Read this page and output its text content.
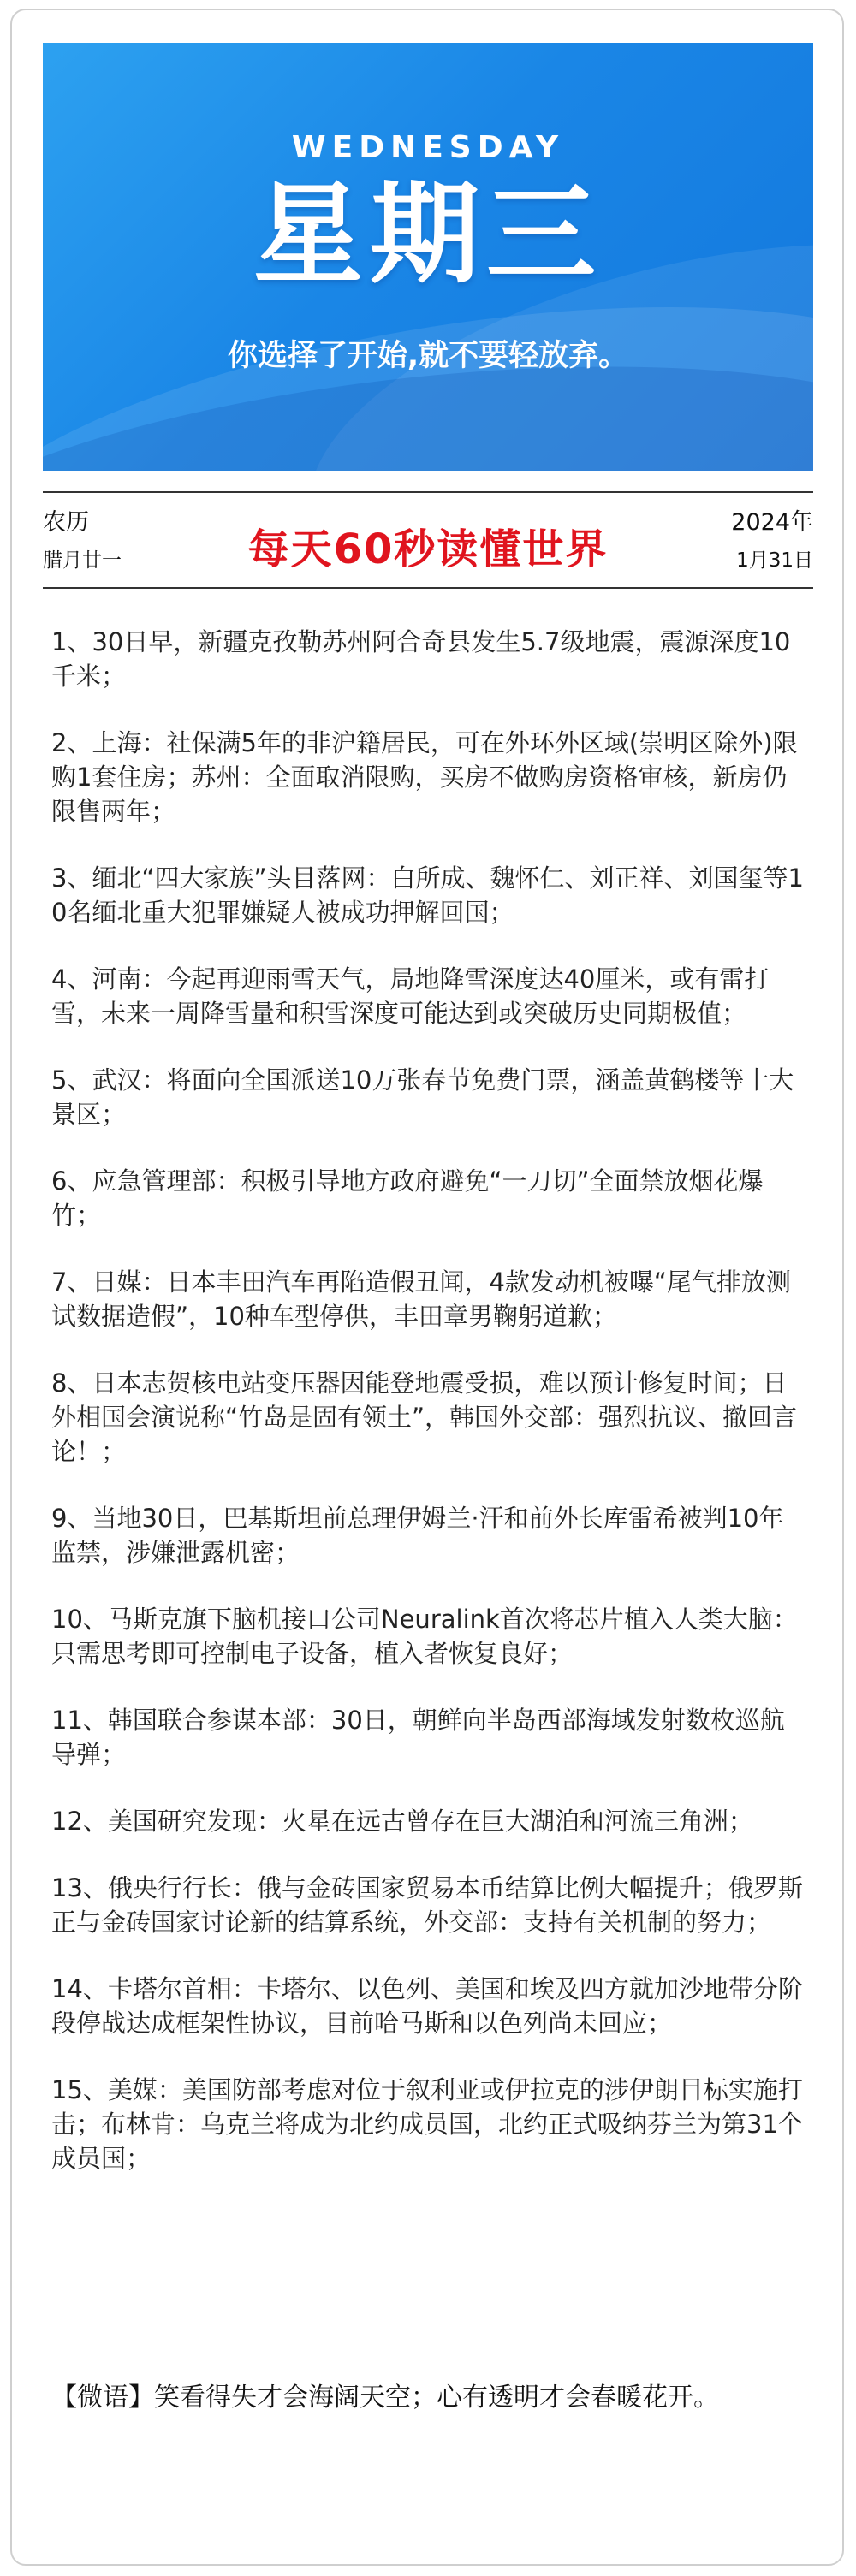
WEDNESDAY
星期三
你选择了开始,就不要轻放弃。
农历
腊月廿一	每天60秒读懂世界
2024年
1月31日
1、30日早，新疆克孜勒苏州阿合奇县发生5.7级地震，震源深度10千米；
2、上海：社保满5年的非沪籍居民，可在外环外区域(崇明区除外)限购1套住房；苏州：全面取消限购，买房不做购房资格审核，新房仍限售两年；
3、缅北“四大家族”头目落网：白所成、魏怀仁、刘正祥、刘国玺等10名缅北重大犯罪嫌疑人被成功押解回国；
4、河南：今起再迎雨雪天气，局地降雪深度达40厘米，或有雷打雪，未来一周降雪量和积雪深度可能达到或突破历史同期极值；
5、武汉：将面向全国派送10万张春节免费门票，涵盖黄鹤楼等十大景区；
6、应急管理部：积极引导地方政府避免“一刀切”全面禁放烟花爆竹；
7、日媒：日本丰田汽车再陷造假丑闻，4款发动机被曝“尾气排放测试数据造假”，10种车型停供，丰田章男鞠躬道歉；
8、日本志贺核电站变压器因能登地震受损，难以预计修复时间；日外相国会演说称“竹岛是固有领土”，韩国外交部：强烈抗议、撤回言论！；
9、当地30日，巴基斯坦前总理伊姆兰·汗和前外长库雷希被判10年监禁，涉嫌泄露机密；
10、马斯克旗下脑机接口公司Neuralink首次将芯片植入人类大脑：只需思考即可控制电子设备，植入者恢复良好；
11、韩国联合参谋本部：30日，朝鲜向半岛西部海域发射数枚巡航导弹；
12、美国研究发现：火星在远古曾存在巨大湖泊和河流三角洲；
13、俄央行行长：俄与金砖国家贸易本币结算比例大幅提升；俄罗斯正与金砖国家讨论新的结算系统，外交部：支持有关机制的努力；
14、卡塔尔首相：卡塔尔、以色列、美国和埃及四方就加沙地带分阶段停战达成框架性协议，目前哈马斯和以色列尚未回应；
15、美媒：美国防部考虑对位于叙利亚或伊拉克的涉伊朗目标实施打击；布林肯：乌克兰将成为北约成员国，北约正式吸纳芬兰为第31个成员国；
【微语】笑看得失才会海阔天空；心有透明才会春暖花开。
